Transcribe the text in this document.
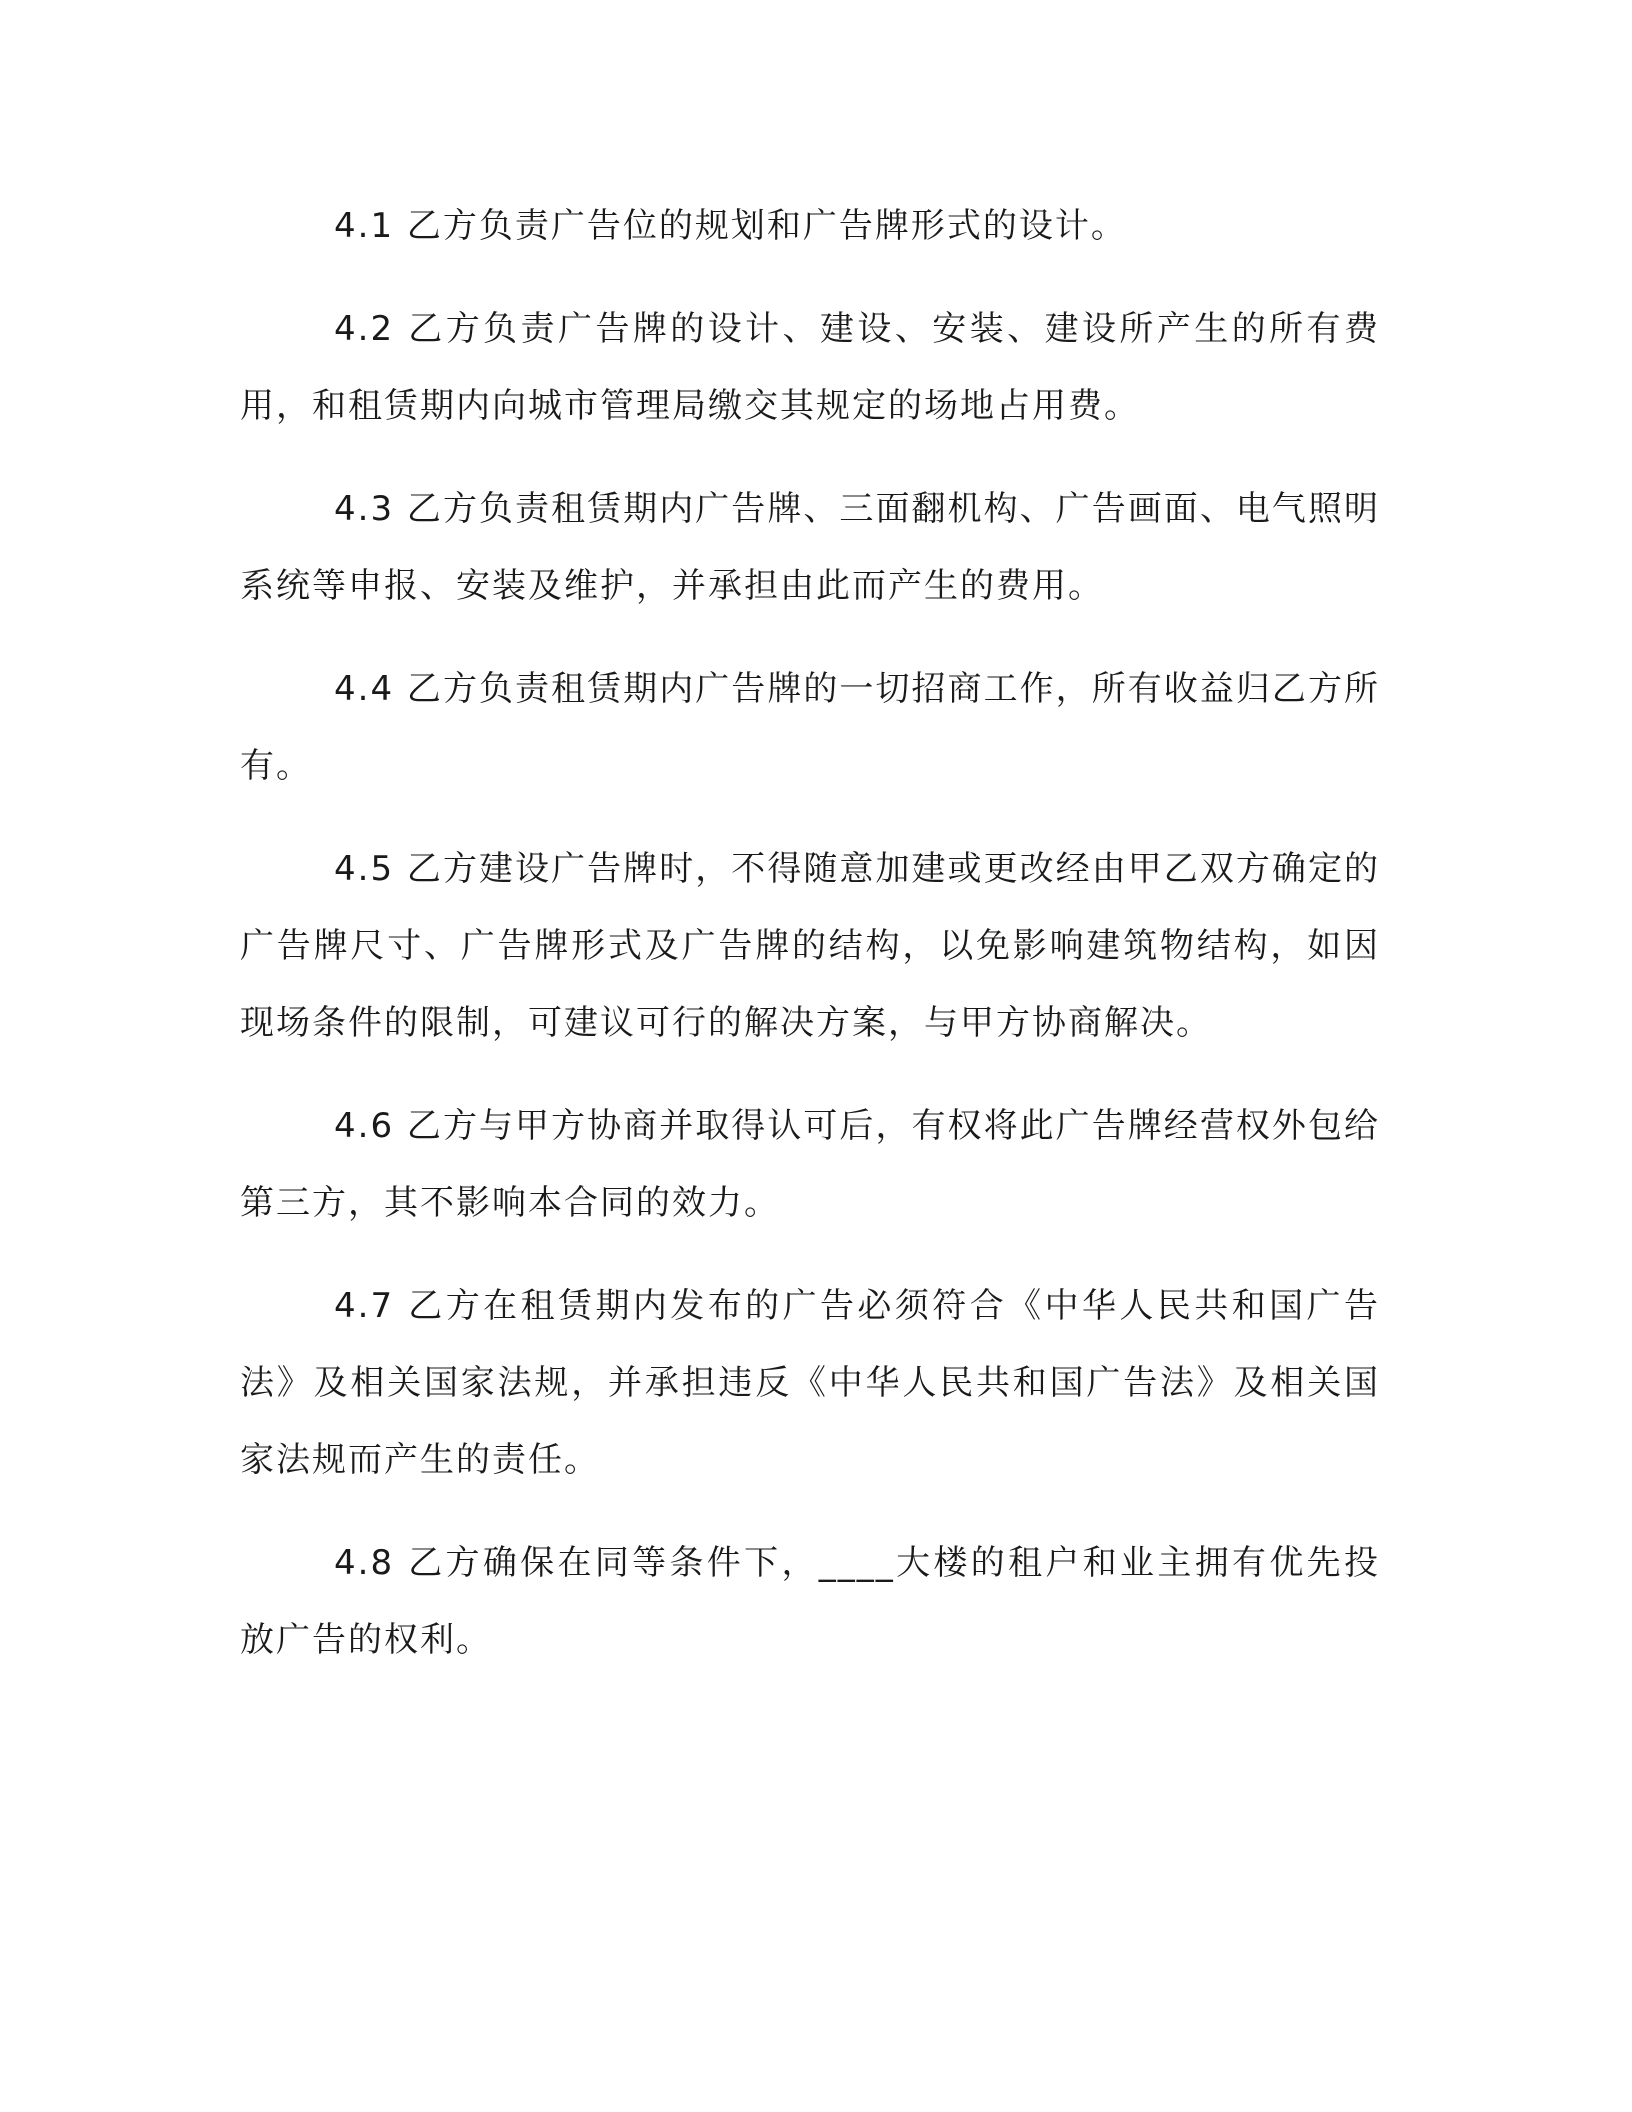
4.1 乙方负责广告位的规划和广告牌形式的设计。

4.2 乙方负责广告牌的设计、建设、安装、建设所产生的所有费用，和租赁期内向城市管理局缴交其规定的场地占用费。

4.3 乙方负责租赁期内广告牌、三面翻机构、广告画面、电气照明系统等申报、安装及维护，并承担由此而产生的费用。

4.4 乙方负责租赁期内广告牌的一切招商工作，所有收益归乙方所有。

4.5 乙方建设广告牌时，不得随意加建或更改经由甲乙双方确定的广告牌尺寸、广告牌形式及广告牌的结构，以免影响建筑物结构，如因现场条件的限制，可建议可行的解决方案，与甲方协商解决。

4.6 乙方与甲方协商并取得认可后，有权将此广告牌经营权外包给第三方，其不影响本合同的效力。

4.7 乙方在租赁期内发布的广告必须符合《中华人民共和国广告法》及相关国家法规，并承担违反《中华人民共和国广告法》及相关国家法规而产生的责任。

4.8 乙方确保在同等条件下，____大楼的租户和业主拥有优先投放广告的权利。
